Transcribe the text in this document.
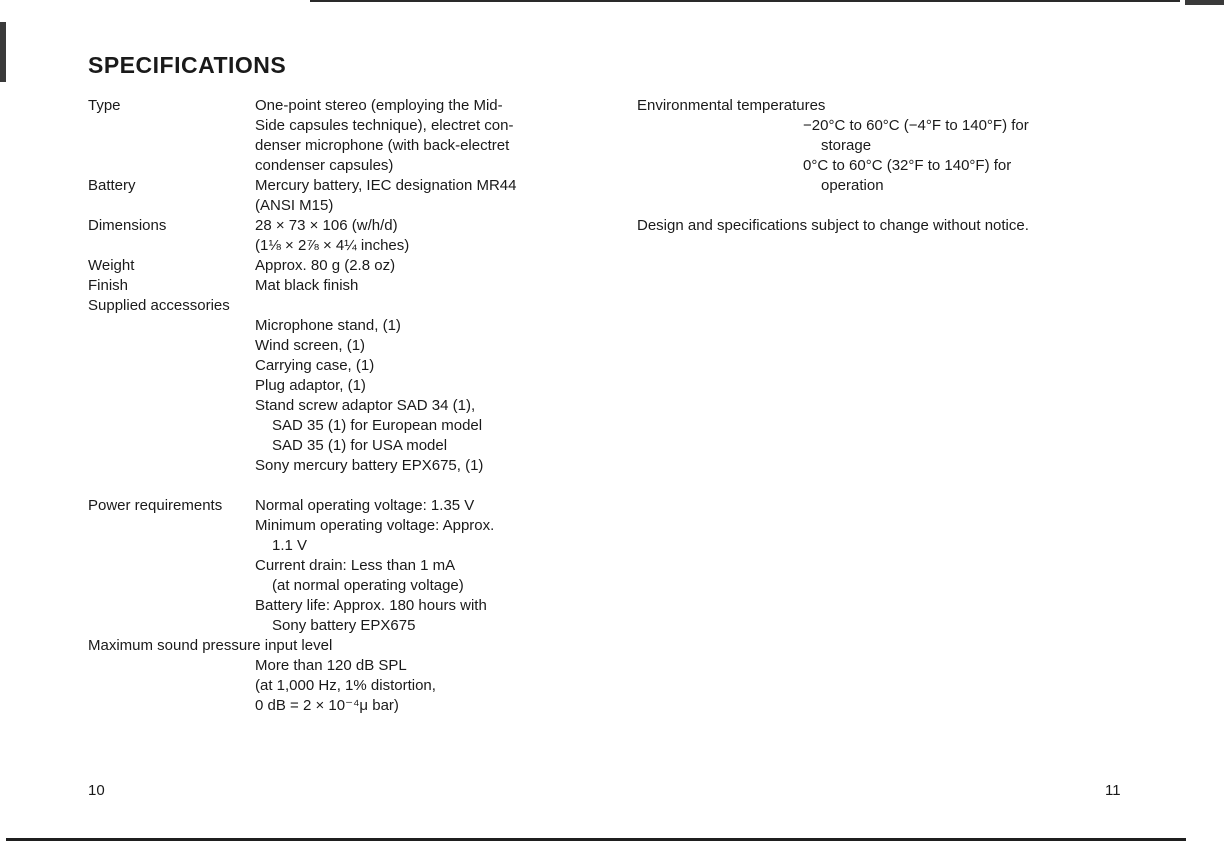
SPECIFICATIONS
Type	One-point stereo (employing the Mid-
Side capsules technique), electret con-
denser microphone (with back-electret
condenser capsules)
Battery	Mercury battery, IEC designation MR44
(ANSI M15)
Dimensions	28 × 73 × 106 (w/h/d)
(1⅛ × 2⅞ × 4¼ inches)
Weight	Approx. 80 g (2.8 oz)
Finish	Mat black finish
Supplied accessories
Microphone stand, (1)
Wind screen, (1)
Carrying case, (1)
Plug adaptor, (1)
Stand screw adaptor SAD 34 (1),
SAD 35 (1) for European model
SAD 35 (1) for USA model
Sony mercury battery EPX675, (1)
Power requirements	Normal operating voltage: 1.35 V
Minimum operating voltage: Approx.
1.1 V
Current drain: Less than 1 mA
(at normal operating voltage)
Battery life: Approx. 180 hours with
Sony battery EPX675
Maximum sound pressure input level
More than 120 dB SPL
(at 1,000 Hz, 1% distortion,
0 dB = 2 × 10⁻⁴μ bar)
Environmental temperatures
−20°C to 60°C (−4°F to 140°F) for
storage
0°C to 60°C (32°F to 140°F) for
operation
Design and specifications subject to change without notice.
10	11
